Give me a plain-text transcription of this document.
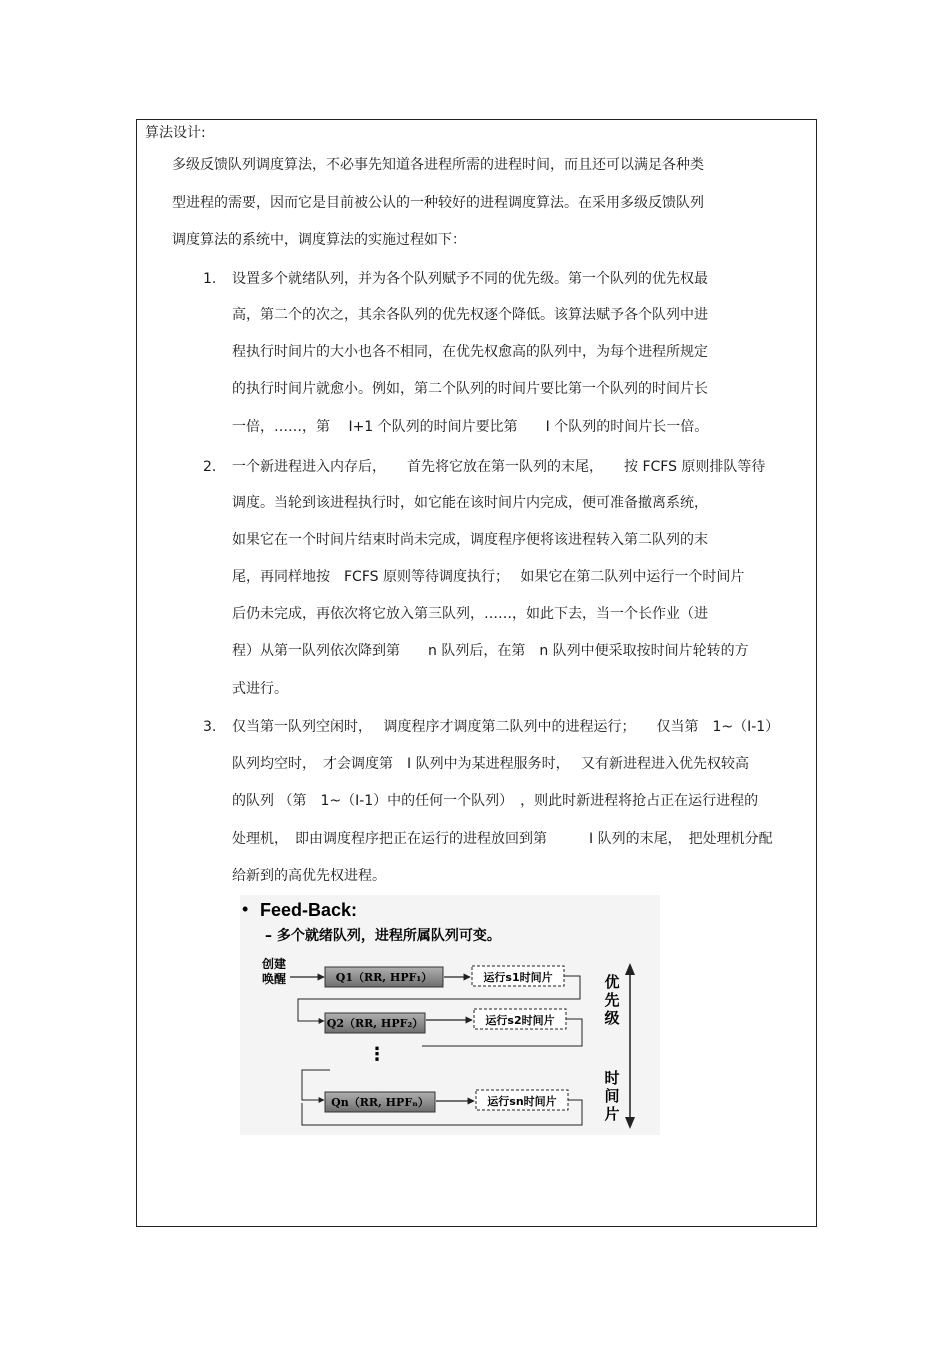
算法设计:
多级反馈队列调度算法，不必事先知道各进程所需的进程时间，而且还可以满足各种类
型进程的需要，因而它是目前被公认的一种较好的进程调度算法。在采用多级反馈队列
调度算法的系统中，调度算法的实施过程如下：
1. 设置多个就绪队列，并为各个队列赋予不同的优先级。第一个队列的优先权最
高，第二个的次之，其余各队列的优先权逐个降低。该算法赋予各个队列中进
程执行时间片的大小也各不相同，在优先权愈高的队列中，为每个进程所规定
的执行时间片就愈小。例如，第二个队列的时间片要比第一个队列的时间片长
一倍，……，第　 I+1 个队列的时间片要比第　　I 个队列的时间片长一倍。
2. 一个新进程进入内存后，　　首先将它放在第一队列的末尾，　　按 FCFS 原则排队等待
调度。当轮到该进程执行时，如它能在该时间片内完成，便可准备撤离系统，
如果它在一个时间片结束时尚未完成，调度程序便将该进程转入第二队列的末
尾，再同样地按　FCFS 原则等待调度执行；　 如果它在第二队列中运行一个时间片
后仍未完成，再依次将它放入第三队列，……，如此下去，当一个长作业（进
程）从第一队列依次降到第　　n 队列后，在第　n 队列中便采取按时间片轮转的方
式进行。
3. 仅当第一队列空闲时，　 调度程序才调度第二队列中的进程运行；　　仅当第　1~（I-1）
队列均空时，　才会调度第　I 队列中为某进程服务时，　 又有新进程进入优先权较高
的队列 （第　1~（I-1）中的任何一个队列）　，则此时新进程将抢占正在运行进程的
处理机，　即由调度程序把正在运行的进程放回到第　　　I 队列的末尾，　把处理机分配
给新到的高优先权进程。
• Feed-Back:
– 多个就绪队列，进程所属队列可变。
创建
唤醒	Q1（RR, HPF₁）	运行s1时间片
Q2（RR, HPF₂）	运行s2时间片
⋮
Qn（RR, HPFₙ）	运行sn时间片
优
先
级
时
间
片
